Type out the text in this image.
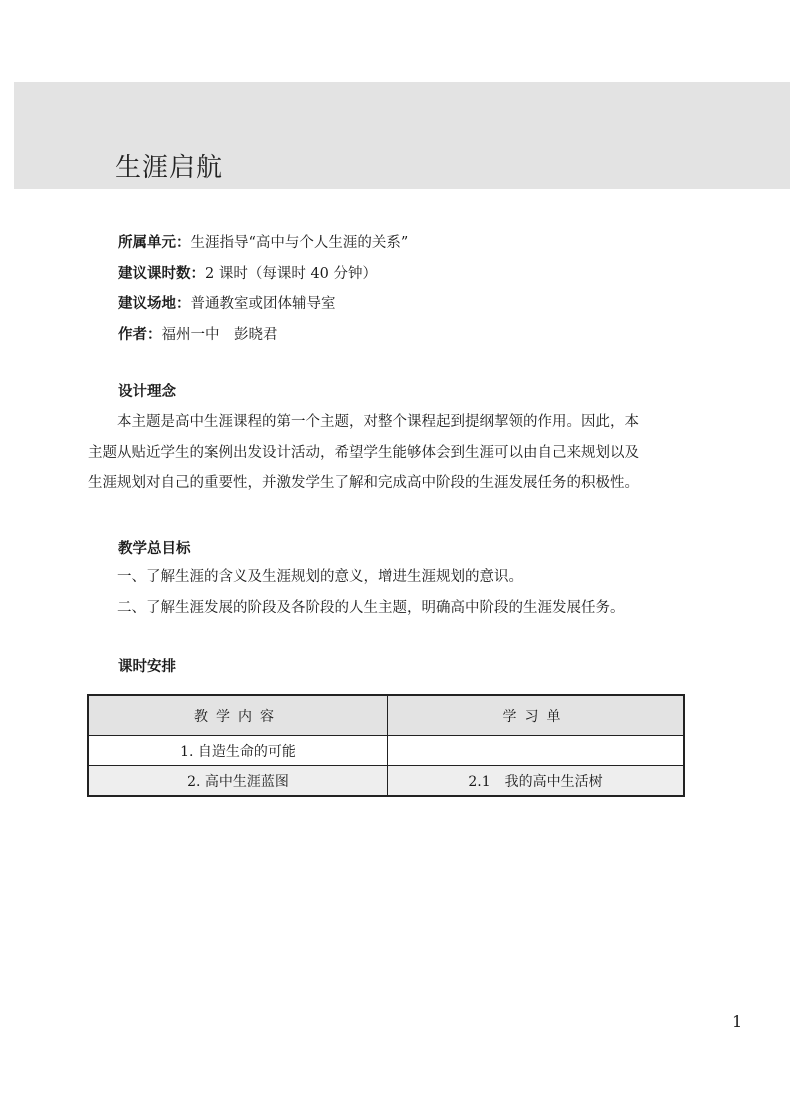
生涯启航
所属单元：生涯指导“高中与个人生涯的关系”
建议课时数：2 课时（每课时 40 分钟）
建议场地：普通教室或团体辅导室
作者：福州一中　彭晓君
设计理念
本主题是高中生涯课程的第一个主题，对整个课程起到提纲挈领的作用。因此，本
主题从贴近学生的案例出发设计活动，希望学生能够体会到生涯可以由自己来规划以及
生涯规划对自己的重要性，并激发学生了解和完成高中阶段的生涯发展任务的积极性。
教学总目标
一、了解生涯的含义及生涯规划的意义，增进生涯规划的意识。
二、了解生涯发展的阶段及各阶段的人生主题，明确高中阶段的生涯发展任务。
课时安排
教学内容	学习单
1. 自造生命的可能	
2. 高中生涯蓝图	2.1　我的高中生活树
1
